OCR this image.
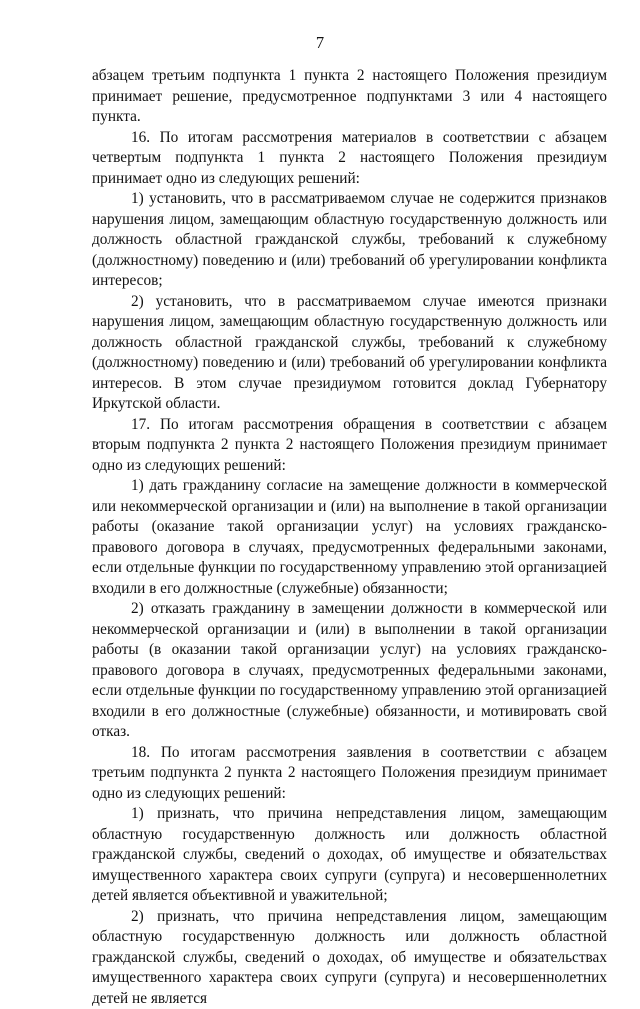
7

абзацем третьим подпункта 1 пункта 2 настоящего Положения президиум принимает решение, предусмотренное подпунктами 3 или 4 настоящего пункта.

16. По итогам рассмотрения материалов в соответствии с абзацем четвертым подпункта 1 пункта 2 настоящего Положения президиум принимает одно из следующих решений:

1) установить, что в рассматриваемом случае не содержится признаков нарушения лицом, замещающим областную государственную должность или должность областной гражданской службы, требований к служебному (должностному) поведению и (или) требований об урегулировании конфликта интересов;

2) установить, что в рассматриваемом случае имеются признаки нарушения лицом, замещающим областную государственную должность или должность областной гражданской службы, требований к служебному (должностному) поведению и (или) требований об урегулировании конфликта интересов. В этом случае президиумом готовится доклад Губернатору Иркутской области.

17. По итогам рассмотрения обращения в соответствии с абзацем вторым подпункта 2 пункта 2 настоящего Положения президиум принимает одно из следующих решений:

1) дать гражданину согласие на замещение должности в коммерческой или некоммерческой организации и (или) на выполнение в такой организации работы (оказание такой организации услуг) на условиях гражданско-правового договора в случаях, предусмотренных федеральными законами, если отдельные функции по государственному управлению этой организацией входили в его должностные (служебные) обязанности;

2) отказать гражданину в замещении должности в коммерческой или некоммерческой организации и (или) в выполнении в такой организации работы (в оказании такой организации услуг) на условиях гражданско-правового договора в случаях, предусмотренных федеральными законами, если отдельные функции по государственному управлению этой организацией входили в его должностные (служебные) обязанности, и мотивировать свой отказ.

18. По итогам рассмотрения заявления в соответствии с абзацем третьим подпункта 2 пункта 2 настоящего Положения президиум принимает одно из следующих решений:

1) признать, что причина непредставления лицом, замещающим областную государственную должность или должность областной гражданской службы, сведений о доходах, об имуществе и обязательствах имущественного характера своих супруги (супруга) и несовершеннолетних детей является объективной и уважительной;

2) признать, что причина непредставления лицом, замещающим областную государственную должность или должность областной гражданской службы, сведений о доходах, об имуществе и обязательствах имущественного характера своих супруги (супруга) и несовершеннолетних детей не является
